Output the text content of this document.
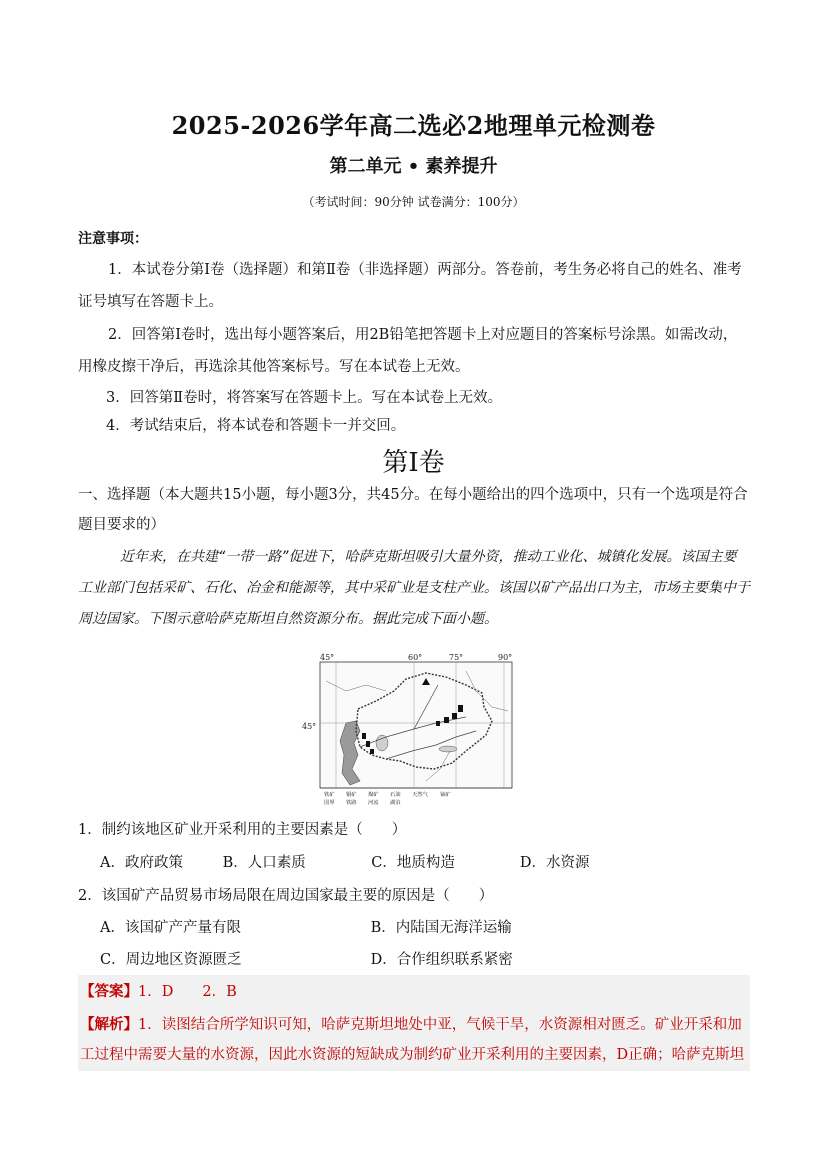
2025-2026学年高二选必2地理单元检测卷
第二单元 • 素养提升
（考试时间：90分钟 试卷满分：100分）
注意事项：
1．本试卷分第Ⅰ卷（选择题）和第Ⅱ卷（非选择题）两部分。答卷前，考生务必将自己的姓名、准考证号填写在答题卡上。
2．回答第Ⅰ卷时，选出每小题答案后，用2B铅笔把答题卡上对应题目的答案标号涂黑。如需改动，用橡皮擦干净后，再选涂其他答案标号。写在本试卷上无效。
3．回答第Ⅱ卷时，将答案写在答题卡上。写在本试卷上无效。
4．考试结束后，将本试卷和答题卡一并交回。
第Ⅰ卷
一、选择题（本大题共15小题，每小题3分，共45分。在每小题给出的四个选项中，只有一个选项是符合题目要求的）
近年来，在共建“一带一路”促进下，哈萨克斯坦吸引大量外资，推动工业化、城镇化发展。该国主要工业部门包括采矿、石化、冶金和能源等，其中采矿业是支柱产业。该国以矿产品出口为主，市场主要集中于周边国家。下图示意哈萨克斯坦自然资源分布。据此完成下面小题。
45°	60°	75°	90°
45°
铁矿 铜矿 煤矿 石油 天然气 铀矿
国界 铁路 河流 湖泊
1．制约该地区矿业开采利用的主要因素是（　　）
A．政府政策	B．人口素质	C．地质构造	D．水资源
2．该国矿产品贸易市场局限在周边国家最主要的原因是（　　）
A．该国矿产产量有限	B．内陆国无海洋运输
C．周边地区资源匮乏	D．合作组织联系紧密
【答案】1．D　　2．B
【解析】1．读图结合所学知识可知，哈萨克斯坦地处中亚，气候干旱，水资源相对匮乏。矿业开采和加工过程中需要大量的水资源，因此水资源的短缺成为制约矿业开采利用的主要因素，D正确；哈萨克斯坦
